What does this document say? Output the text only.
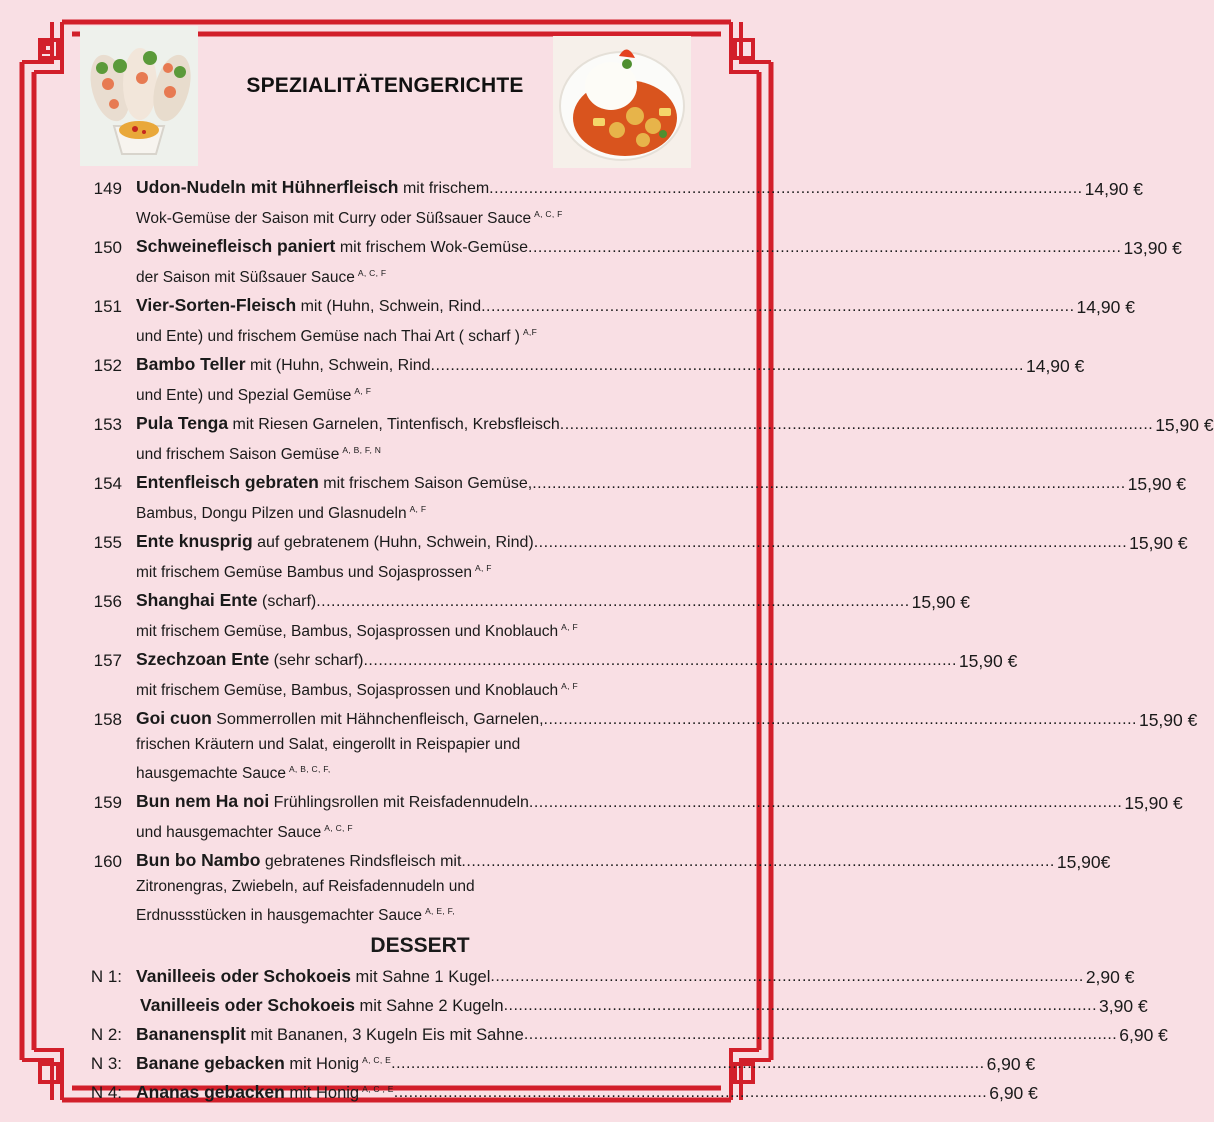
SPEZIALITÄTENGERICHTE
149 Udon-Nudeln mit Hühnerfleisch mit frischem ........................................................................................................................ 14,90 €
Wok-Gemüse der Saison mit Curry oder Süßsauer Sauce $^{A, C, F}$
150 Schweinefleisch paniert mit frischem Wok-Gemüse ........................................................................................................................ 13,90 €
der Saison mit Süßsauer Sauce $^{A, C, F}$
151 Vier-Sorten-Fleisch mit (Huhn, Schwein, Rind ........................................................................................................................ 14,90 €
und Ente) und frischem Gemüse nach Thai Art ( scharf ) $^{A,F}$
152 Bambo Teller mit (Huhn, Schwein, Rind ........................................................................................................................ 14,90 €
und Ente) und Spezial Gemüse $^{A, F}$
153 Pula Tenga mit Riesen Garnelen, Tintenfisch, Krebsfleisch ........................................................................................................................ 15,90 €
und frischem Saison Gemüse $^{A, B, F, N}$
154 Entenfleisch gebraten mit frischem Saison Gemüse, ........................................................................................................................ 15,90 €
Bambus, Dongu Pilzen und Glasnudeln $^{A, F}$
155 Ente knusprig auf gebratenem (Huhn, Schwein, Rind) ........................................................................................................................ 15,90 €
mit frischem Gemüse Bambus und Sojasprossen $^{A, F}$
156 Shanghai Ente (scharf) ........................................................................................................................ 15,90 €
mit frischem Gemüse, Bambus, Sojasprossen und Knoblauch $^{A, F}$
157 Szechzoan Ente (sehr scharf) ........................................................................................................................ 15,90 €
mit frischem Gemüse, Bambus, Sojasprossen und Knoblauch $^{A, F}$
158 Goi cuon Sommerrollen mit Hähnchenfleisch, Garnelen, ........................................................................................................................ 15,90 €
frischen Kräutern und Salat, eingerollt in Reispapier und
hausgemachte Sauce $^{A, B, C, F,}$
159 Bun nem Ha noi Frühlingsrollen mit Reisfadennudeln ........................................................................................................................ 15,90 €
und hausgemachter Sauce $^{A, C, F}$
160 Bun bo Nambo gebratenes Rindsfleisch mit ........................................................................................................................ 15,90€
Zitronengras, Zwiebeln, auf Reisfadennudeln und
Erdnussstücken in hausgemachter Sauce $^{A, E, F,}$
DESSERT
N 1: Vanilleeis oder Schokoeis mit Sahne 1 Kugel ........................................................................................................................ 2,90 €
Vanilleeis oder Schokoeis mit Sahne 2 Kugeln ........................................................................................................................ 3,90 €
N 2: Bananensplit mit Bananen, 3 Kugeln Eis mit Sahne ........................................................................................................................ 6,90 €
N 3: Banane gebacken mit Honig $^{A, C, E}$ ........................................................................................................................ 6,90 €
N 4: Ananas gebacken mit Honig $^{A, C , E}$ ........................................................................................................................ 6,90 €
